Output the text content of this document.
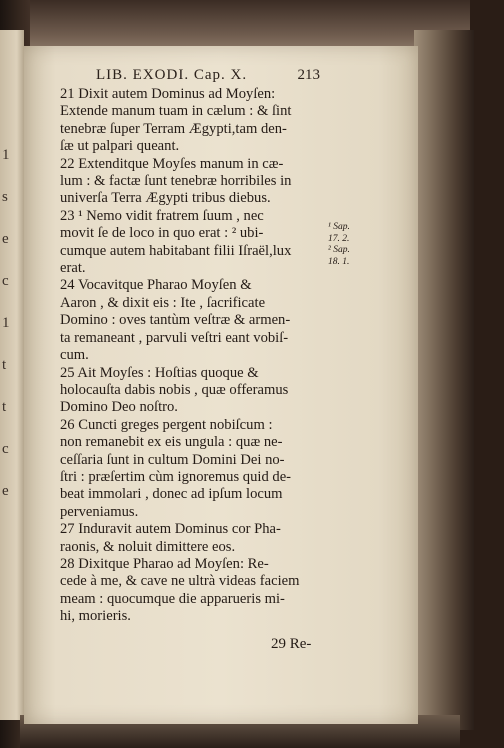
1
s
e
c
1
t
t
c
e
LIB. EXODI. Cap. X.	213

21 Dixit autem Dominus ad Moyſen:
Extende manum tuam in cælum : & ſint
tenebræ ſuper Terram Ægypti,tam den-
ſæ ut palpari queant.

22 Extenditque Moyſes manum in cæ-
lum : & factæ ſunt tenebræ horribiles in
univerſa Terra Ægypti tribus diebus.

23 ¹ Nemo vidit fratrem ſuum , nec
movit ſe de loco in quo erat : ² ubi-
cumque autem habitabant filii Iſraël,lux
erat.

24 Vocavitque Pharao Moyſen &
Aaron , & dixit eis : Ite , ſacrificate
Domino : oves tantùm veſtræ & armen-
ta remaneant , parvuli veſtri eant vobiſ-
cum.

25 Ait Moyſes : Hoſtias quoque &
holocauſta dabis nobis , quæ offeramus
Domino Deo noſtro.

26 Cuncti greges pergent nobiſcum :
non remanebit ex eis ungula : quæ ne-
ceſſaria ſunt in cultum Domini Dei no-
ſtri : præſertim cùm ignoremus quid de-
beat immolari , donec ad ipſum locum
perveniamus.

27 Induravit autem Dominus cor Pha-
raonis, & noluit dimittere eos.

28 Dixitque Pharao ad Moyſen: Re-
cede à me, & cave ne ultrà videas faciem
meam : quocumque die apparueris mi-
hi, morieris.

¹ Sap.
17. 2.
² Sap.
18. 1.
29 Re-
